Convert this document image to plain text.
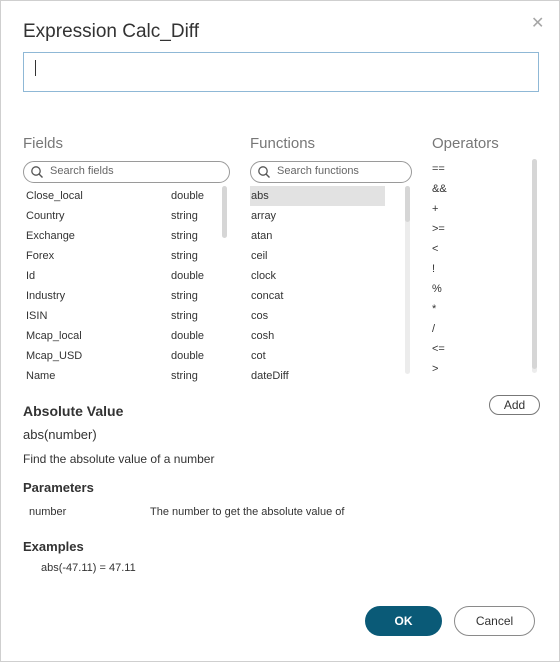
Expression Calc_Diff	✕
Fields
Search fields
Close_local	double
Country	string
Exchange	string
Forex	string
Id	double
Industry	string
ISIN	string
Mcap_local	double
Mcap_USD	double
Name	string
Functions
Search functions
abs
array
atan
ceil
clock
concat
cos
cosh
cot
dateDiff
Operators
==
&&
+
>=
<
!
%
*
/
<=
>
Add
Absolute Value
abs(number)
Find the absolute value of a number
Parameters
number	The number to get the absolute value of
Examples
abs(-47.11) = 47.11
OK	Cancel
